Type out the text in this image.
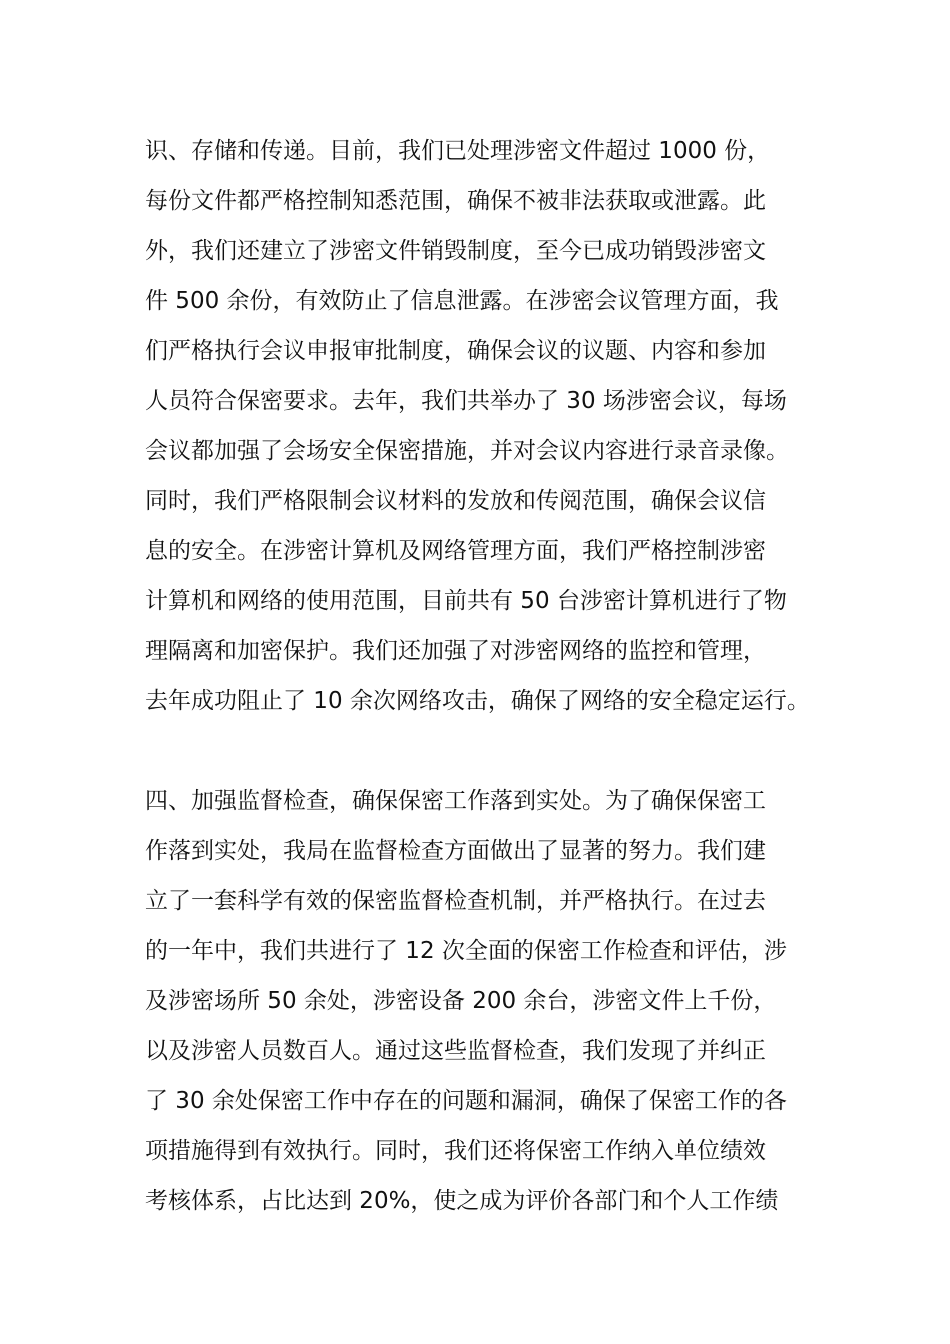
识、存储和传递。目前，我们已处理涉密文件超过 1000 份，
每份文件都严格控制知悉范围，确保不被非法获取或泄露。此
外，我们还建立了涉密文件销毁制度，至今已成功销毁涉密文
件 500 余份，有效防止了信息泄露。在涉密会议管理方面，我
们严格执行会议申报审批制度，确保会议的议题、内容和参加
人员符合保密要求。去年，我们共举办了 30 场涉密会议，每场
会议都加强了会场安全保密措施，并对会议内容进行录音录像。
同时，我们严格限制会议材料的发放和传阅范围，确保会议信
息的安全。在涉密计算机及网络管理方面，我们严格控制涉密
计算机和网络的使用范围，目前共有 50 台涉密计算机进行了物
理隔离和加密保护。我们还加强了对涉密网络的监控和管理，
去年成功阻止了 10 余次网络攻击，确保了网络的安全稳定运行。
四、加强监督检查，确保保密工作落到实处。为了确保保密工
作落到实处，我局在监督检查方面做出了显著的努力。我们建
立了一套科学有效的保密监督检查机制，并严格执行。在过去
的一年中，我们共进行了 12 次全面的保密工作检查和评估，涉
及涉密场所 50 余处，涉密设备 200 余台，涉密文件上千份，
以及涉密人员数百人。通过这些监督检查，我们发现了并纠正
了 30 余处保密工作中存在的问题和漏洞，确保了保密工作的各
项措施得到有效执行。同时，我们还将保密工作纳入单位绩效
考核体系，占比达到 20%，使之成为评价各部门和个人工作绩
